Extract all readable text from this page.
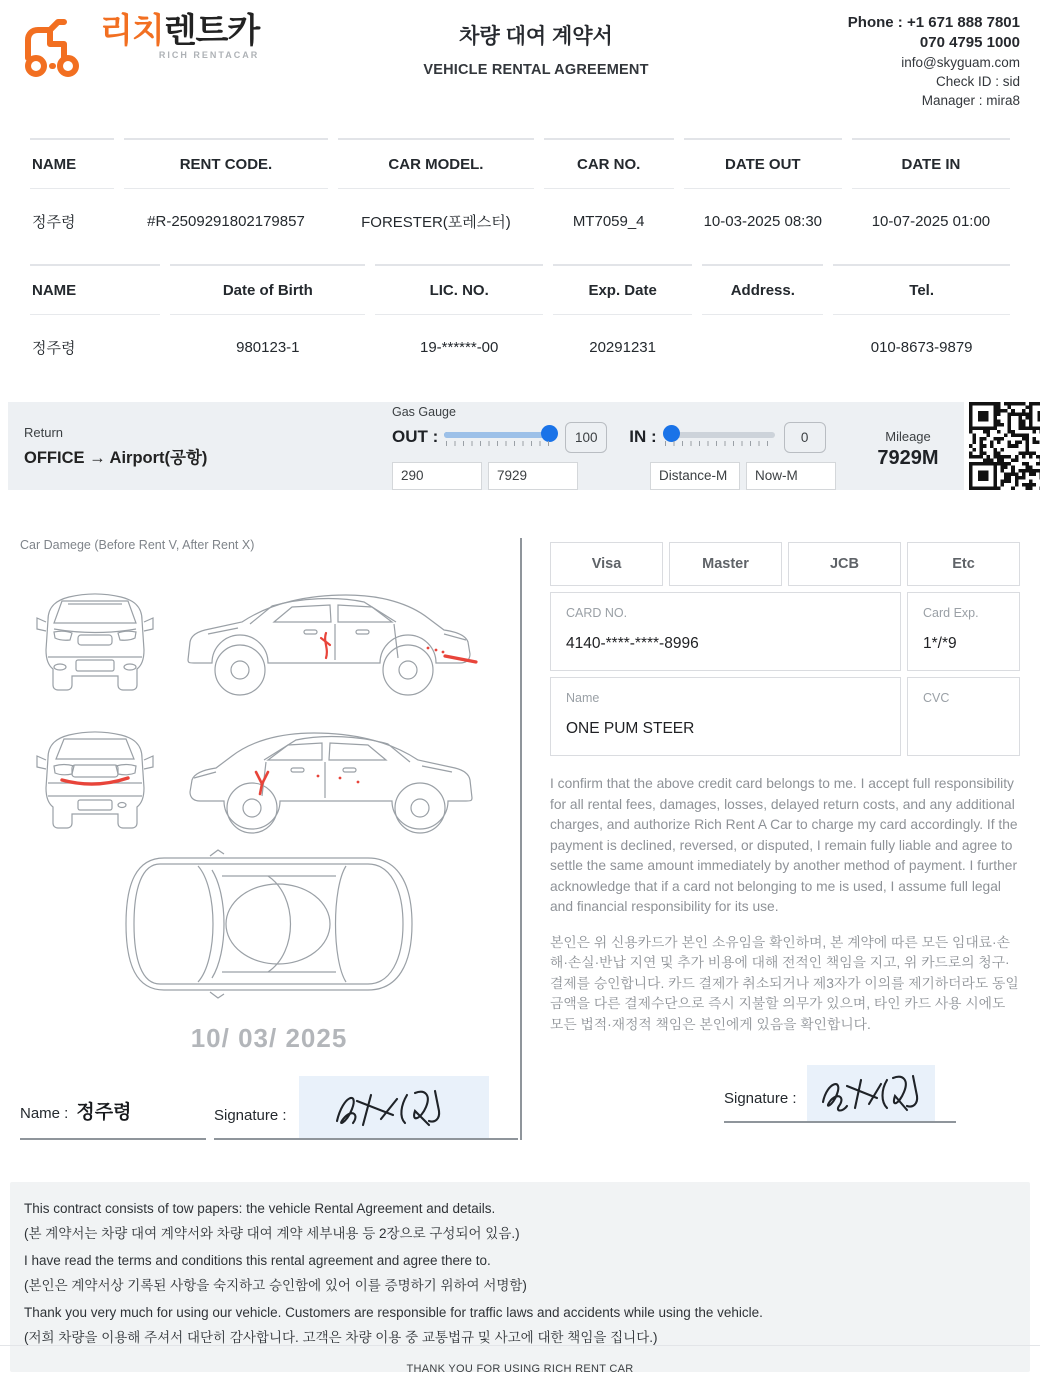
리치렌트카
RICH RENTACAR
차량 대여 계약서
VEHICLE RENTAL AGREEMENT
Phone : +1 671 888 7801
070 4795 1000
info@skyguam.com
Check ID : sid
Manager : mira8
NAME	RENT CODE.	CAR MODEL.	CAR NO.	DATE OUT	DATE IN
정주령	#R-2509291802179857	FORESTER(포레스터)	MT7059_4	10-03-2025 08:30	10-07-2025 01:00
NAME	Date of Birth	LIC. NO.	Exp. Date	Address.	Tel.
정주령	980123-1	19-******-00	20291231		010-8673-9879
Return
OFFICE → Airport(공항)
Gas Gauge
OUT :	100	IN :	0
290
7929
Distance-M
Now-M	Mileage
7929M
Car Damege (Before Rent V, After Rent X)
10/ 03/ 2025
Name : 정주령	Signature :
Visa	Master	JCB	Etc
CARD NO.
4140-****-****-8996
Card Exp.
1*/*9
Name
ONE PUM STEER
CVC

I confirm that the above credit card belongs to me. I accept full responsibility for all rental fees, damages, losses, delayed return costs, and any additional charges, and authorize Rich Rent A Car to charge my card accordingly. If the payment is declined, reversed, or disputed, I remain fully liable and agree to settle the same amount immediately by another method of payment. I further acknowledge that if a card not belonging to me is used, I assume full legal and financial responsibility for its use.

본인은 위 신용카드가 본인 소유임을 확인하며, 본 계약에 따른 모든 임대료·손해·손실·반납 지연 및 추가 비용에 대해 전적인 책임을 지고, 위 카드로의 청구·결제를 승인합니다. 카드 결제가 취소되거나 제3자가 이의를 제기하더라도 동일 금액을 다른 결제수단으로 즉시 지불할 의무가 있으며, 타인 카드 사용 시에도 모든 법적·재정적 책임은 본인에게 있음을 확인합니다.

Signature :
This contract consists of tow papers: the vehicle Rental Agreement and details.
(본 계약서는 차량 대여 계약서와 차량 대여 계약 세부내용 등 2장으로 구성되어 있음.)
I have read the terms and conditions this rental agreement and agree there to.
(본인은 계약서상 기록된 사항을 숙지하고 승인함에 있어 이를 증명하기 위하여 서명함)
Thank you very much for using our vehicle. Customers are responsible for traffic laws and accidents while using the vehicle.
(저희 차량을 이용해 주셔서 대단히 감사합니다. 고객은 차량 이용 중 교통법규 및 사고에 대한 책임을 집니다.)
THANK YOU FOR USING RICH RENT CAR
